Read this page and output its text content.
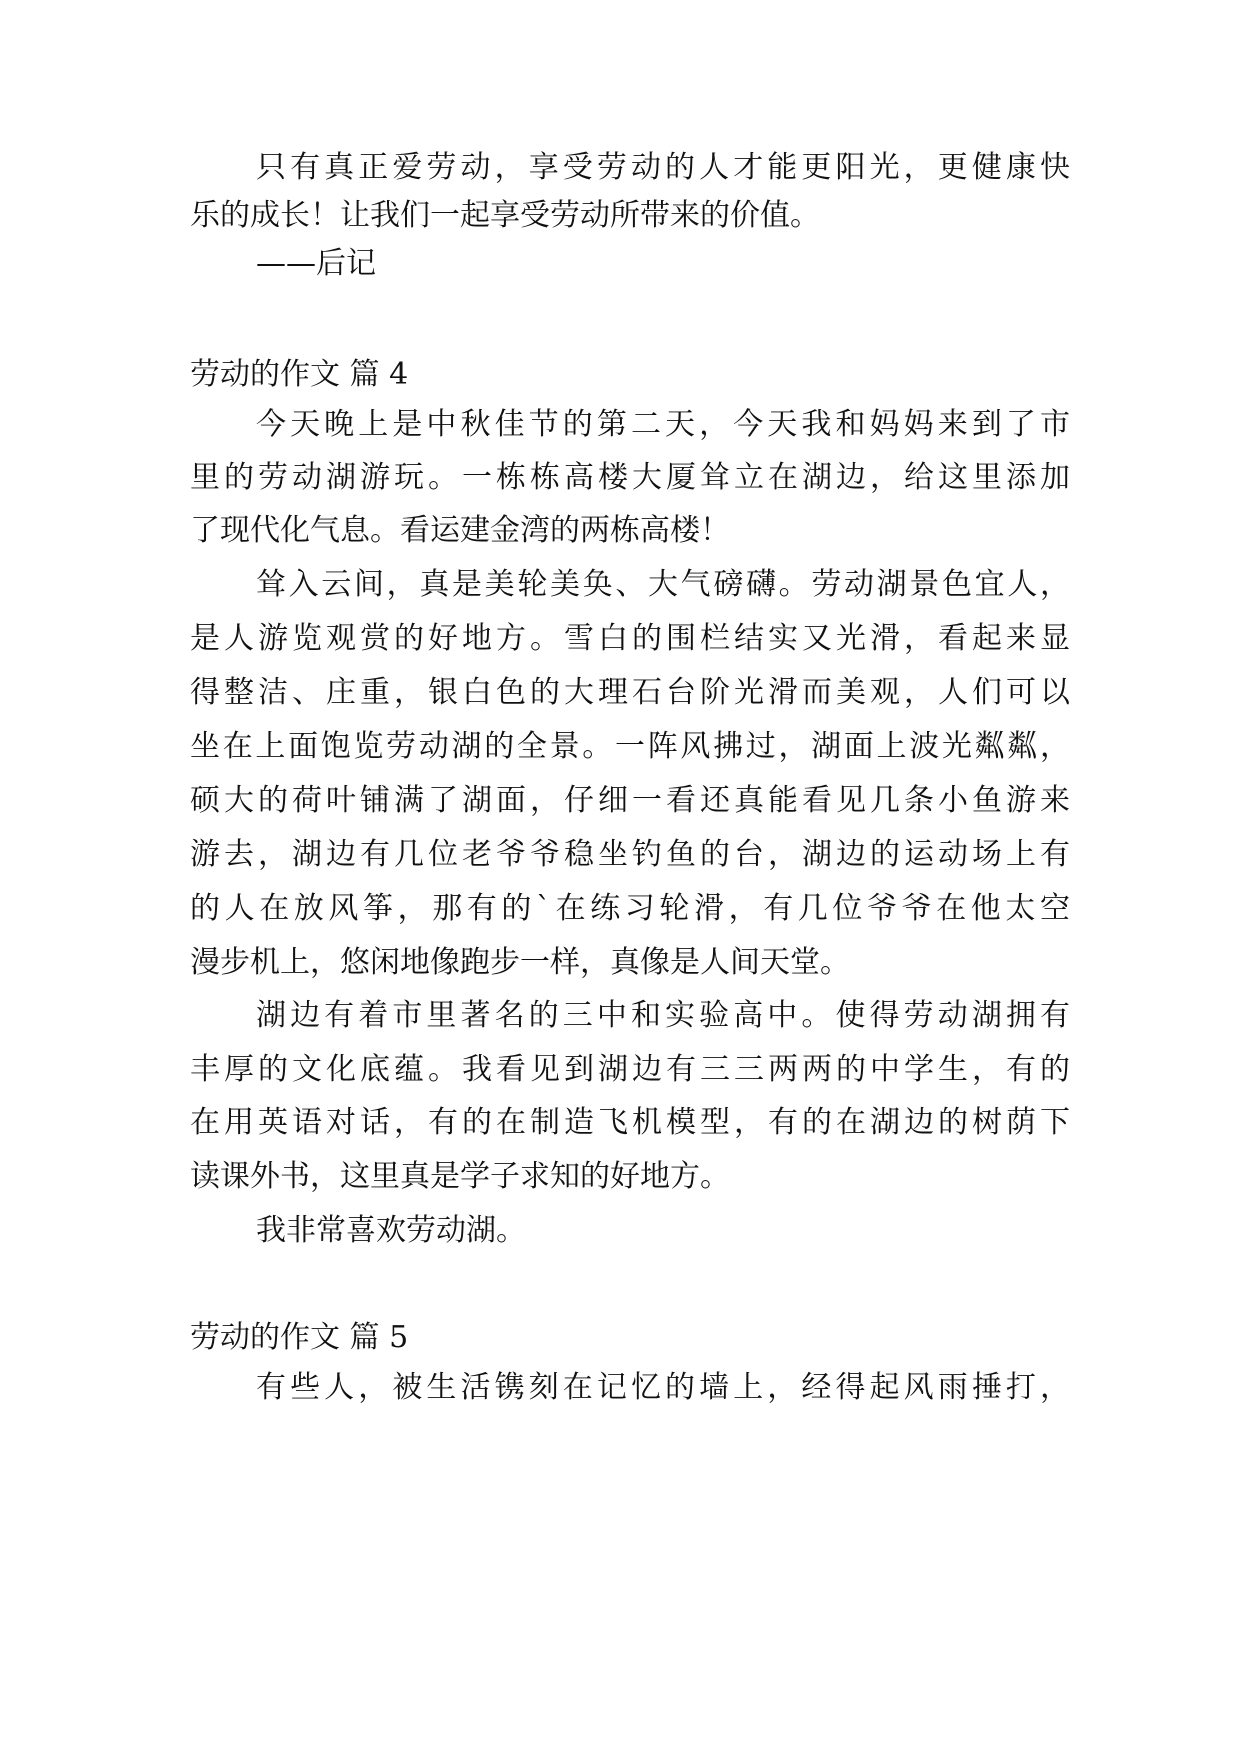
只有真正爱劳动，享受劳动的人才能更阳光，更健康快
乐的成长！让我们一起享受劳动所带来的价值。
——后记
劳动的作文 篇 4
今天晚上是中秋佳节的第二天，今天我和妈妈来到了市
里的劳动湖游玩。一栋栋高楼大厦耸立在湖边，给这里添加
了现代化气息。看运建金湾的两栋高楼！
耸入云间，真是美轮美奂、大气磅礴。劳动湖景色宜人，
是人游览观赏的好地方。雪白的围栏结实又光滑，看起来显
得整洁、庄重，银白色的大理石台阶光滑而美观，人们可以
坐在上面饱览劳动湖的全景。一阵风拂过，湖面上波光粼粼，
硕大的荷叶铺满了湖面，仔细一看还真能看见几条小鱼游来
游去，湖边有几位老爷爷稳坐钓鱼的台，湖边的运动场上有
的人在放风筝，那有的`在练习轮滑，有几位爷爷在他太空
漫步机上，悠闲地像跑步一样，真像是人间天堂。
湖边有着市里著名的三中和实验高中。使得劳动湖拥有
丰厚的文化底蕴。我看见到湖边有三三两两的中学生，有的
在用英语对话，有的在制造飞机模型，有的在湖边的树荫下
读课外书，这里真是学子求知的好地方。
我非常喜欢劳动湖。
劳动的作文 篇 5
有些人，被生活镌刻在记忆的墙上，经得起风雨捶打，
